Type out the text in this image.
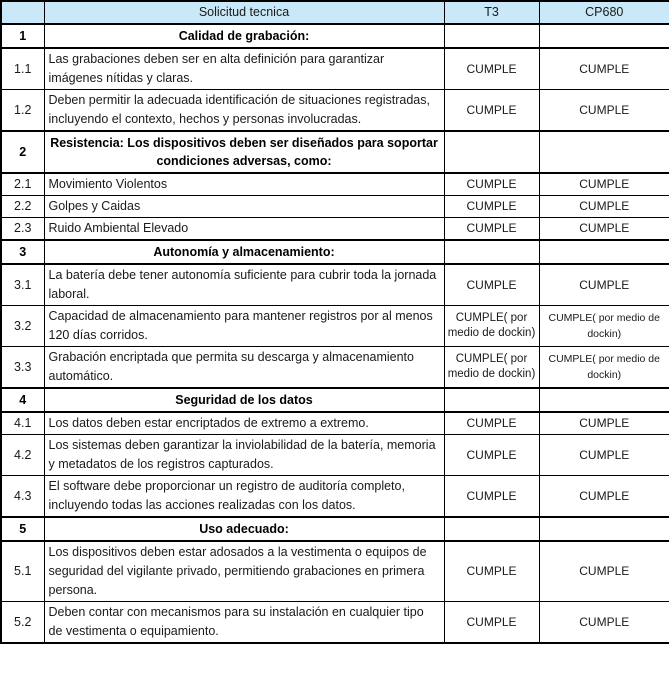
	Solicitud tecnica	T3	CP680
1	Calidad de grabación:		
1.1	Las grabaciones deben ser en alta definición para garantizar imágenes nítidas y claras.	CUMPLE	CUMPLE
1.2	Deben permitir la adecuada identificación de situaciones registradas, incluyendo el contexto, hechos y personas involucradas.	CUMPLE	CUMPLE
2	Resistencia: Los dispositivos deben ser diseñados para soportar condiciones adversas, como:		
2.1	Movimiento Violentos	CUMPLE	CUMPLE
2.2	Golpes y Caidas	CUMPLE	CUMPLE
2.3	Ruido Ambiental Elevado	CUMPLE	CUMPLE
3	Autonomía y almacenamiento:		
3.1	La batería debe tener autonomía suficiente para cubrir toda la jornada laboral.	CUMPLE	CUMPLE
3.2	Capacidad de almacenamiento para mantener registros por al menos 120 días corridos.	CUMPLE( por medio de dockin)	CUMPLE( por medio de dockin)
3.3	Grabación encriptada que permita su descarga y almacenamiento automático.	CUMPLE( por medio de dockin)	CUMPLE( por medio de dockin)
4	Seguridad de los datos		
4.1	Los datos deben estar encriptados de extremo a extremo.	CUMPLE	CUMPLE
4.2	Los sistemas deben garantizar la inviolabilidad de la batería, memoria y metadatos de los registros capturados.	CUMPLE	CUMPLE
4.3	El software debe proporcionar un registro de auditoría completo, incluyendo todas las acciones realizadas con los datos.	CUMPLE	CUMPLE
5	Uso adecuado:		
5.1	Los dispositivos deben estar adosados a la vestimenta o equipos de seguridad del vigilante privado, permitiendo grabaciones en primera persona.	CUMPLE	CUMPLE
5.2	Deben contar con mecanismos para su instalación en cualquier tipo de vestimenta o equipamiento.	CUMPLE	CUMPLE
